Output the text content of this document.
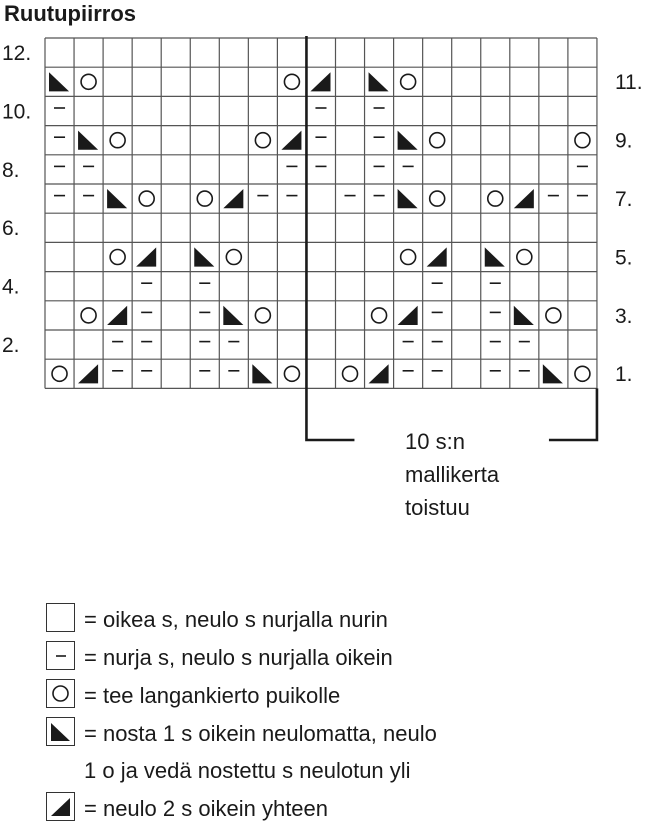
Ruutupiirros
12.
10.
8.
6.
4.
2.
11.
9.
7.
5.
3.
1.
10 s:n
mallikerta
toistuu
= oikea s, neulo s nurjalla nurin
= nurja s, neulo s nurjalla oikein
= tee langankierto puikolle
= nosta 1 s oikein neulomatta, neulo
1 o ja vedä nostettu s neulotun yli
= neulo 2 s oikein yhteen
